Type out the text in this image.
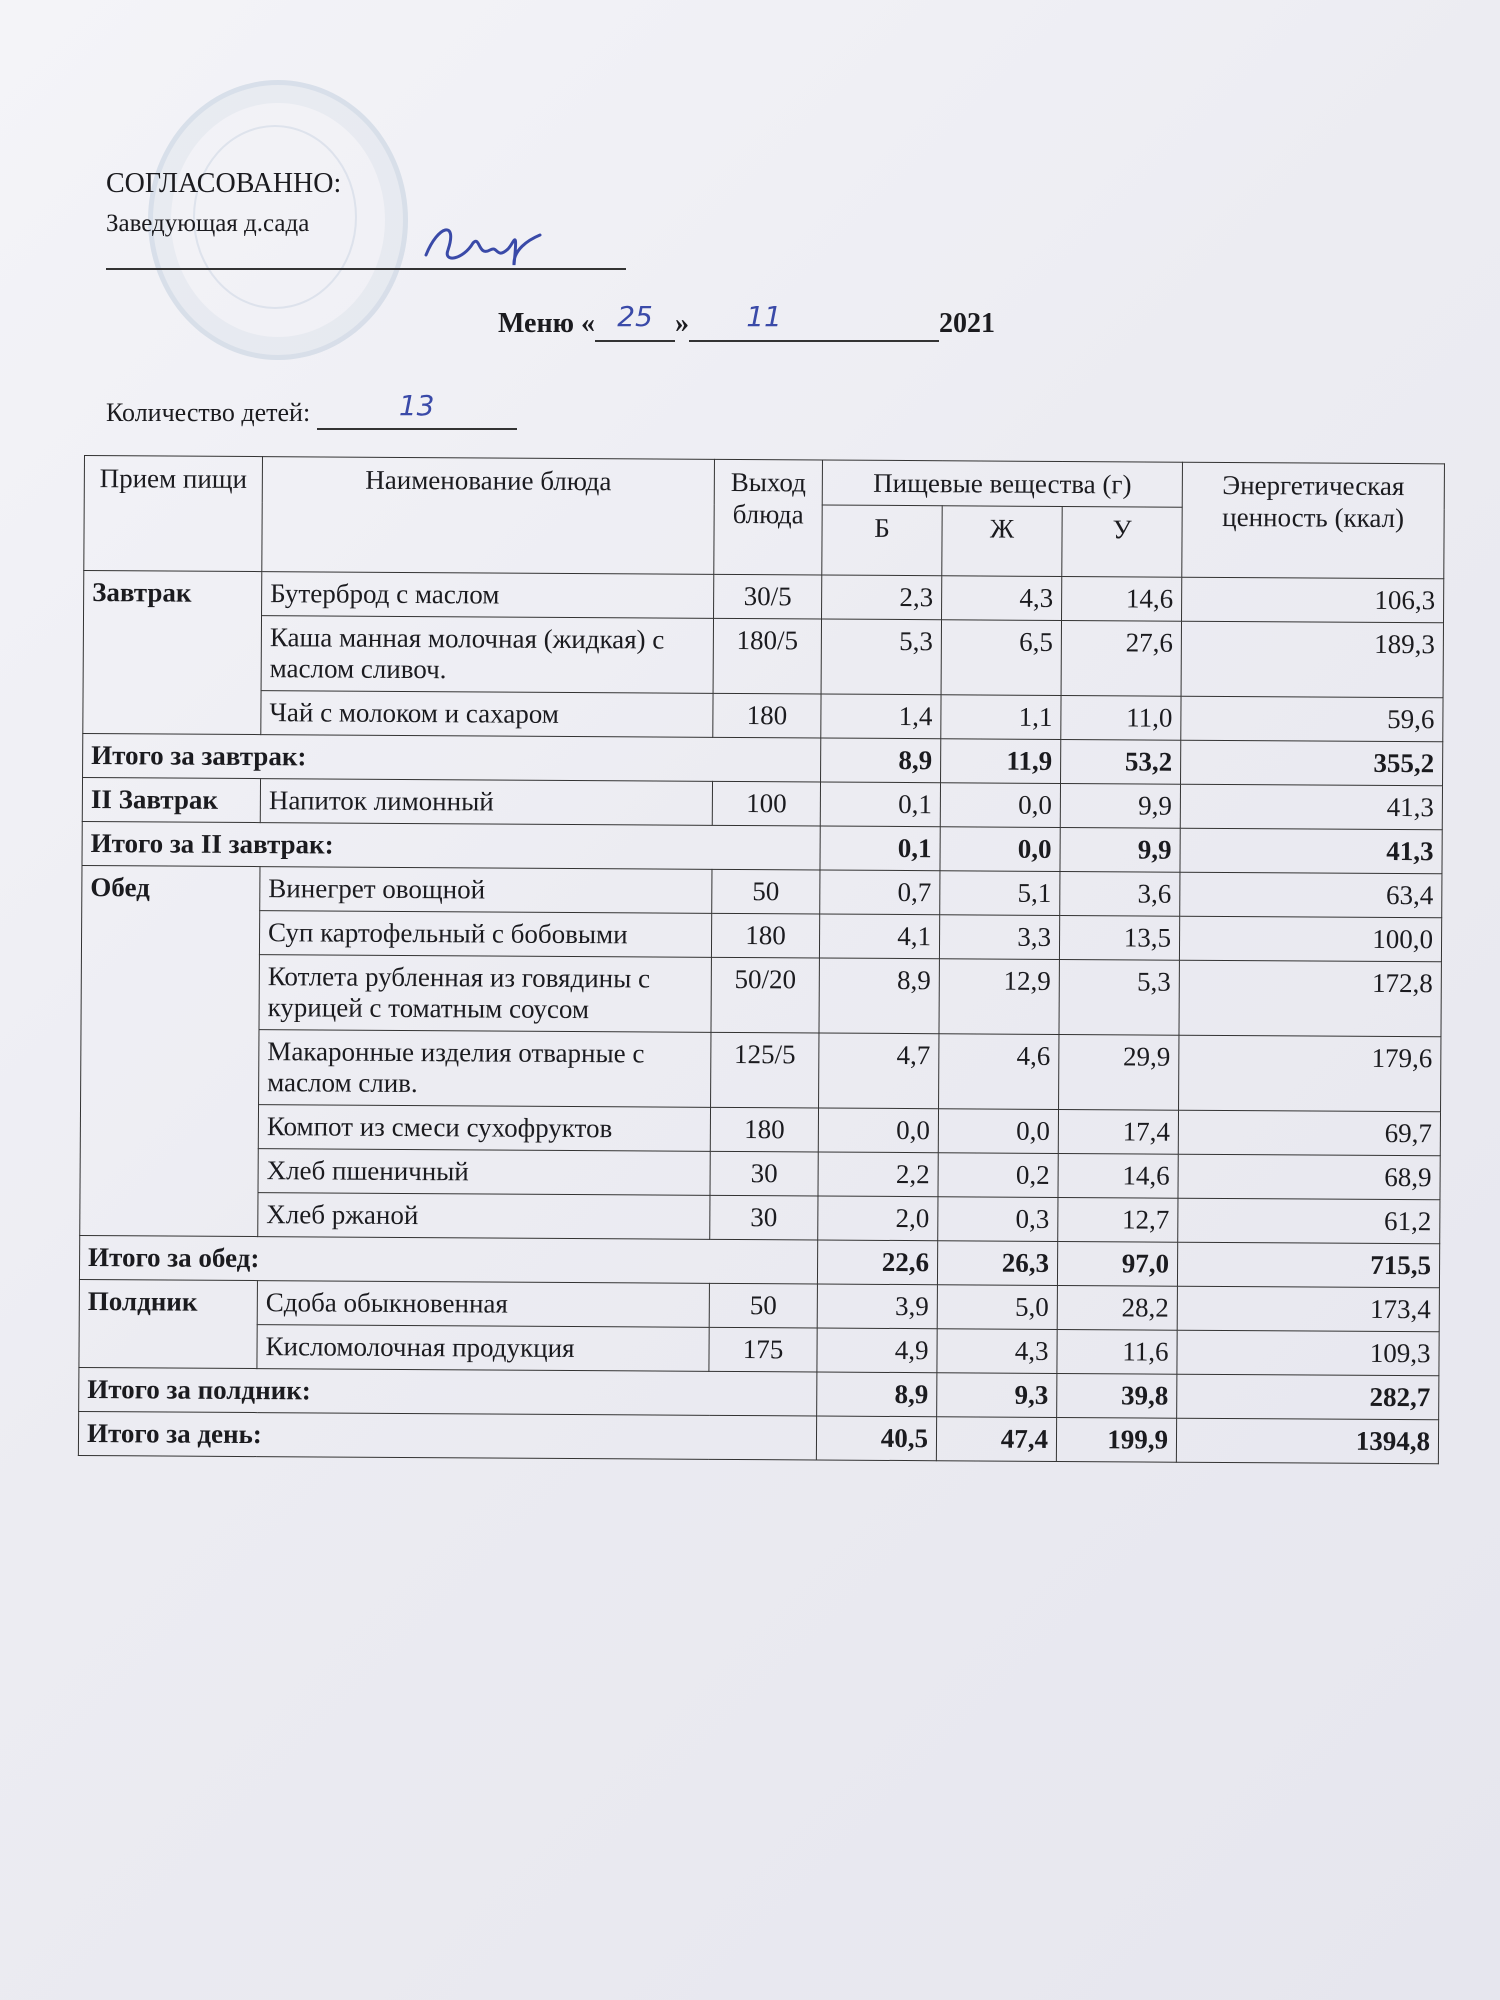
СОГЛАСОВАННО:
Заведующая д.сада
Меню « 25 » 11	2021
Количество детей:	13
Прием пищи	Наименование блюда	Выход блюда	Пищевые вещества (г)			Энергетическая ценность (ккал)
			Б	Ж	У	
Завтрак	Бутерброд с маслом	30/5	2,3	4,3	14,6	106,3
	Каша манная молочная (жидкая) с маслом сливоч.	180/5	5,3	6,5	27,6	189,3
	Чай с молоком и сахаром	180	1,4	1,1	11,0	59,6
Итого за завтрак:			8,9	11,9	53,2	355,2
II Завтрак	Напиток лимонный	100	0,1	0,0	9,9	41,3
Итого за II завтрак:			0,1	0,0	9,9	41,3
Обед	Винегрет овощной	50	0,7	5,1	3,6	63,4
	Суп картофельный с бобовыми	180	4,1	3,3	13,5	100,0
	Котлета рубленная из говядины с курицей с томатным соусом	50/20	8,9	12,9	5,3	172,8
	Макаронные изделия отварные с маслом слив.	125/5	4,7	4,6	29,9	179,6
	Компот из смеси сухофруктов	180	0,0	0,0	17,4	69,7
	Хлеб пшеничный	30	2,2	0,2	14,6	68,9
	Хлеб ржаной	30	2,0	0,3	12,7	61,2
Итого за обед:			22,6	26,3	97,0	715,5
Полдник	Сдоба обыкновенная	50	3,9	5,0	28,2	173,4
	Кисломолочная продукция	175	4,9	4,3	11,6	109,3
Итого за полдник:			8,9	9,3	39,8	282,7
Итого за день:			40,5	47,4	199,9	1394,8
